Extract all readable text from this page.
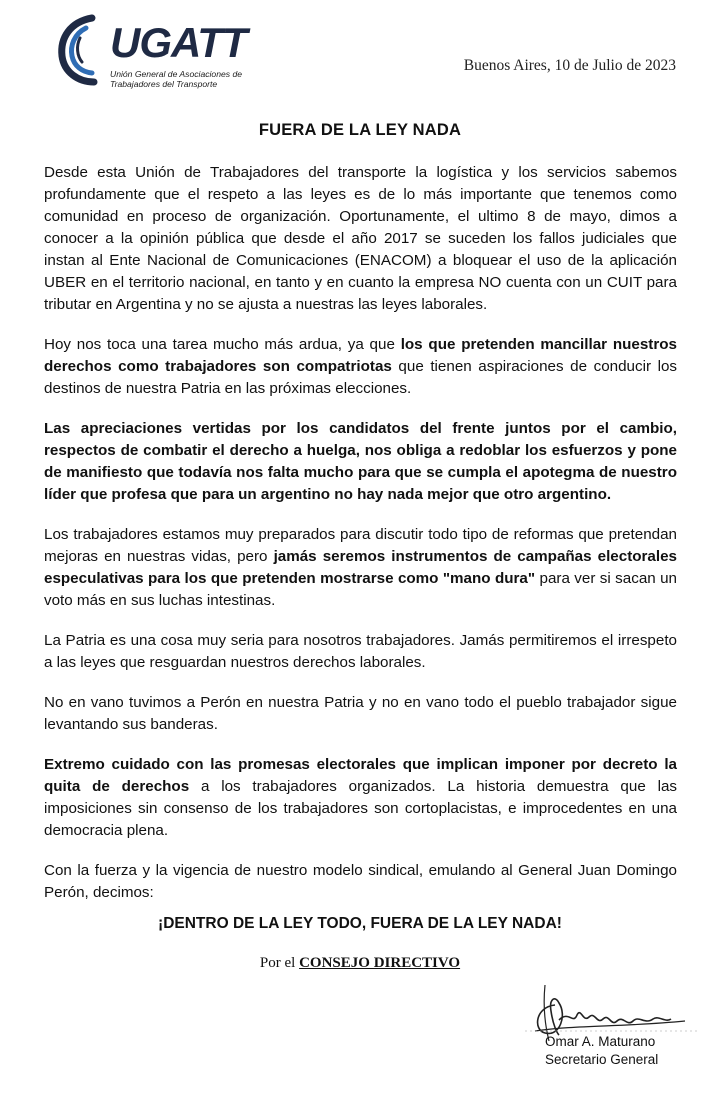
UGATT
Unión General de Asociaciones de Trabajadores del Transporte
Buenos Aires, 10 de Julio de 2023
FUERA DE LA LEY NADA

Desde esta Unión de Trabajadores del transporte la logística y los servicios sabemos profundamente que el respeto a las leyes es de lo más importante que tenemos como comunidad en proceso de organización. Oportunamente, el ultimo 8 de mayo, dimos a conocer a la opinión pública que desde el año 2017 se suceden los fallos judiciales que instan al Ente Nacional de Comunicaciones (ENACOM) a bloquear el uso de la aplicación UBER en el territorio nacional, en tanto y en cuanto la empresa NO cuenta con un CUIT para tributar en Argentina y no se ajusta a nuestras las leyes laborales.

Hoy nos toca una tarea mucho más ardua, ya que los que pretenden mancillar nuestros derechos como trabajadores son compatriotas que tienen aspiraciones de conducir los destinos de nuestra Patria en las próximas elecciones.

Las apreciaciones vertidas por los candidatos del frente juntos por el cambio, respectos de combatir el derecho a huelga, nos obliga a redoblar los esfuerzos y pone de manifiesto que todavía nos falta mucho para que se cumpla el apotegma de nuestro líder que profesa que para un argentino no hay nada mejor que otro argentino.

Los trabajadores estamos muy preparados para discutir todo tipo de reformas que pretendan mejoras en nuestras vidas, pero jamás seremos instrumentos de campañas electorales especulativas para los que pretenden mostrarse como "mano dura" para ver si sacan un voto más en sus luchas intestinas.

La Patria es una cosa muy seria para nosotros trabajadores. Jamás permitiremos el irrespeto a las leyes que resguardan nuestros derechos laborales.

No en vano tuvimos a Perón en nuestra Patria y no en vano todo el pueblo trabajador sigue levantando sus banderas.

Extremo cuidado con las promesas electorales que implican imponer por decreto la quita de derechos a los trabajadores organizados. La historia demuestra que las imposiciones sin consenso de los trabajadores son cortoplacistas, e improcedentes en una democracia plena.

Con la fuerza y la vigencia de nuestro modelo sindical, emulando al General Juan Domingo Perón, decimos:

¡DENTRO DE LA LEY TODO, FUERA DE LA LEY NADA!
Por el CONSEJO DIRECTIVO
Omar A. Maturano
Secretario General
